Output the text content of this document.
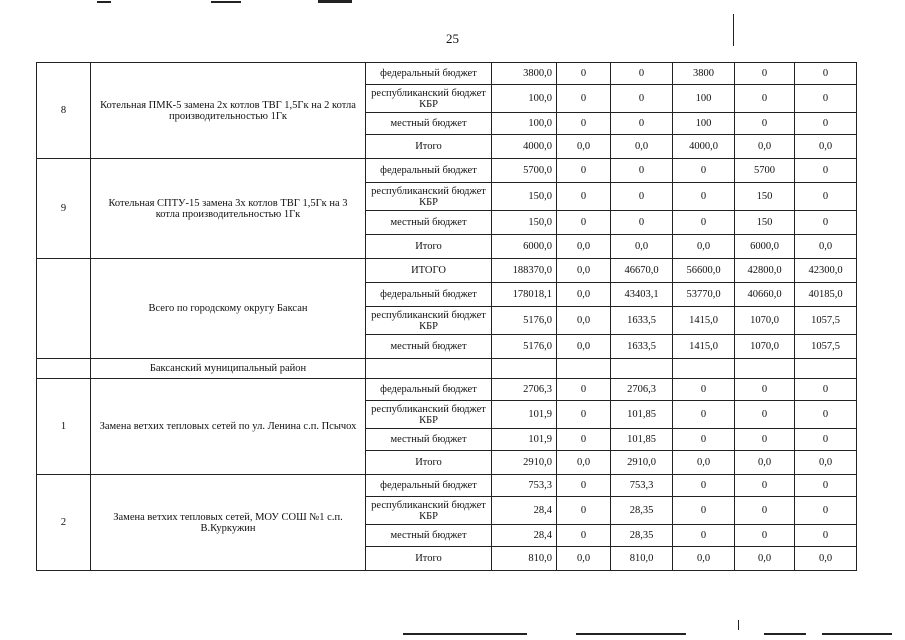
25
8	Котельная ПМК-5 замена 2х котлов ТВГ 1,5Гк на 2 котла производительностью 1Гк	федеральный бюджет	3800,0	0	0	3800	0	0
		республиканский бюджет КБР	100,0	0	0	100	0	0
		местный бюджет	100,0	0	0	100	0	0
		Итого	4000,0	0,0	0,0	4000,0	0,0	0,0
9	Котельная СПТУ-15 замена 3х котлов ТВГ 1,5Гк на 3 котла производительностью 1Гк	федеральный бюджет	5700,0	0	0	0	5700	0
		республиканский бюджет КБР	150,0	0	0	0	150	0
		местный бюджет	150,0	0	0	0	150	0
		Итого	6000,0	0,0	0,0	0,0	6000,0	0,0
	Всего по городскому округу Баксан	ИТОГО	188370,0	0,0	46670,0	56600,0	42800,0	42300,0
		федеральный бюджет	178018,1	0,0	43403,1	53770,0	40660,0	40185,0
		республиканский бюджет КБР	5176,0	0,0	1633,5	1415,0	1070,0	1057,5
		местный бюджет	5176,0	0,0	1633,5	1415,0	1070,0	1057,5
	Баксанский муниципальный район							
1	Замена ветхих тепловых сетей по ул. Ленина с.п. Псычох	федеральный бюджет	2706,3	0	2706,3	0	0	0
		республиканский бюджет КБР	101,9	0	101,85	0	0	0
		местный бюджет	101,9	0	101,85	0	0	0
		Итого	2910,0	0,0	2910,0	0,0	0,0	0,0
2	Замена ветхих тепловых сетей, МОУ СОШ №1 с.п. В.Куркужин	федеральный бюджет	753,3	0	753,3	0	0	0
		республиканский бюджет КБР	28,4	0	28,35	0	0	0
		местный бюджет	28,4	0	28,35	0	0	0
		Итого	810,0	0,0	810,0	0,0	0,0	0,0
